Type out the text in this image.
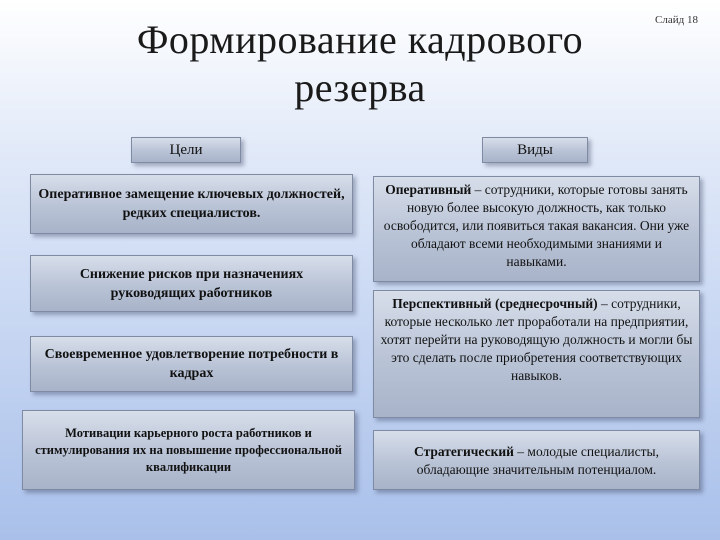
Формирование кадрового
резерва
Слайд 18
Цели
Оперативное замещение ключевых должностей, редких специалистов.
Снижение рисков при назначениях руководящих работников
Своевременное удовлетворение потребности в кадрах
Мотивации карьерного роста работников и стимулирования их на повышение профессиональной квалификации
Виды
Оперативный – сотрудники, которые готовы занять новую более высокую должность, как только освободится, или появиться такая вакансия. Они уже обладают всеми необходимыми знаниями и навыками.
Перспективный (среднесрочный) – сотрудники, которые несколько лет проработали на предприятии, хотят перейти на руководящую должность и могли бы это сделать после приобретения соответствующих навыков.
Стратегический – молодые специалисты, обладающие значительным потенциалом.
